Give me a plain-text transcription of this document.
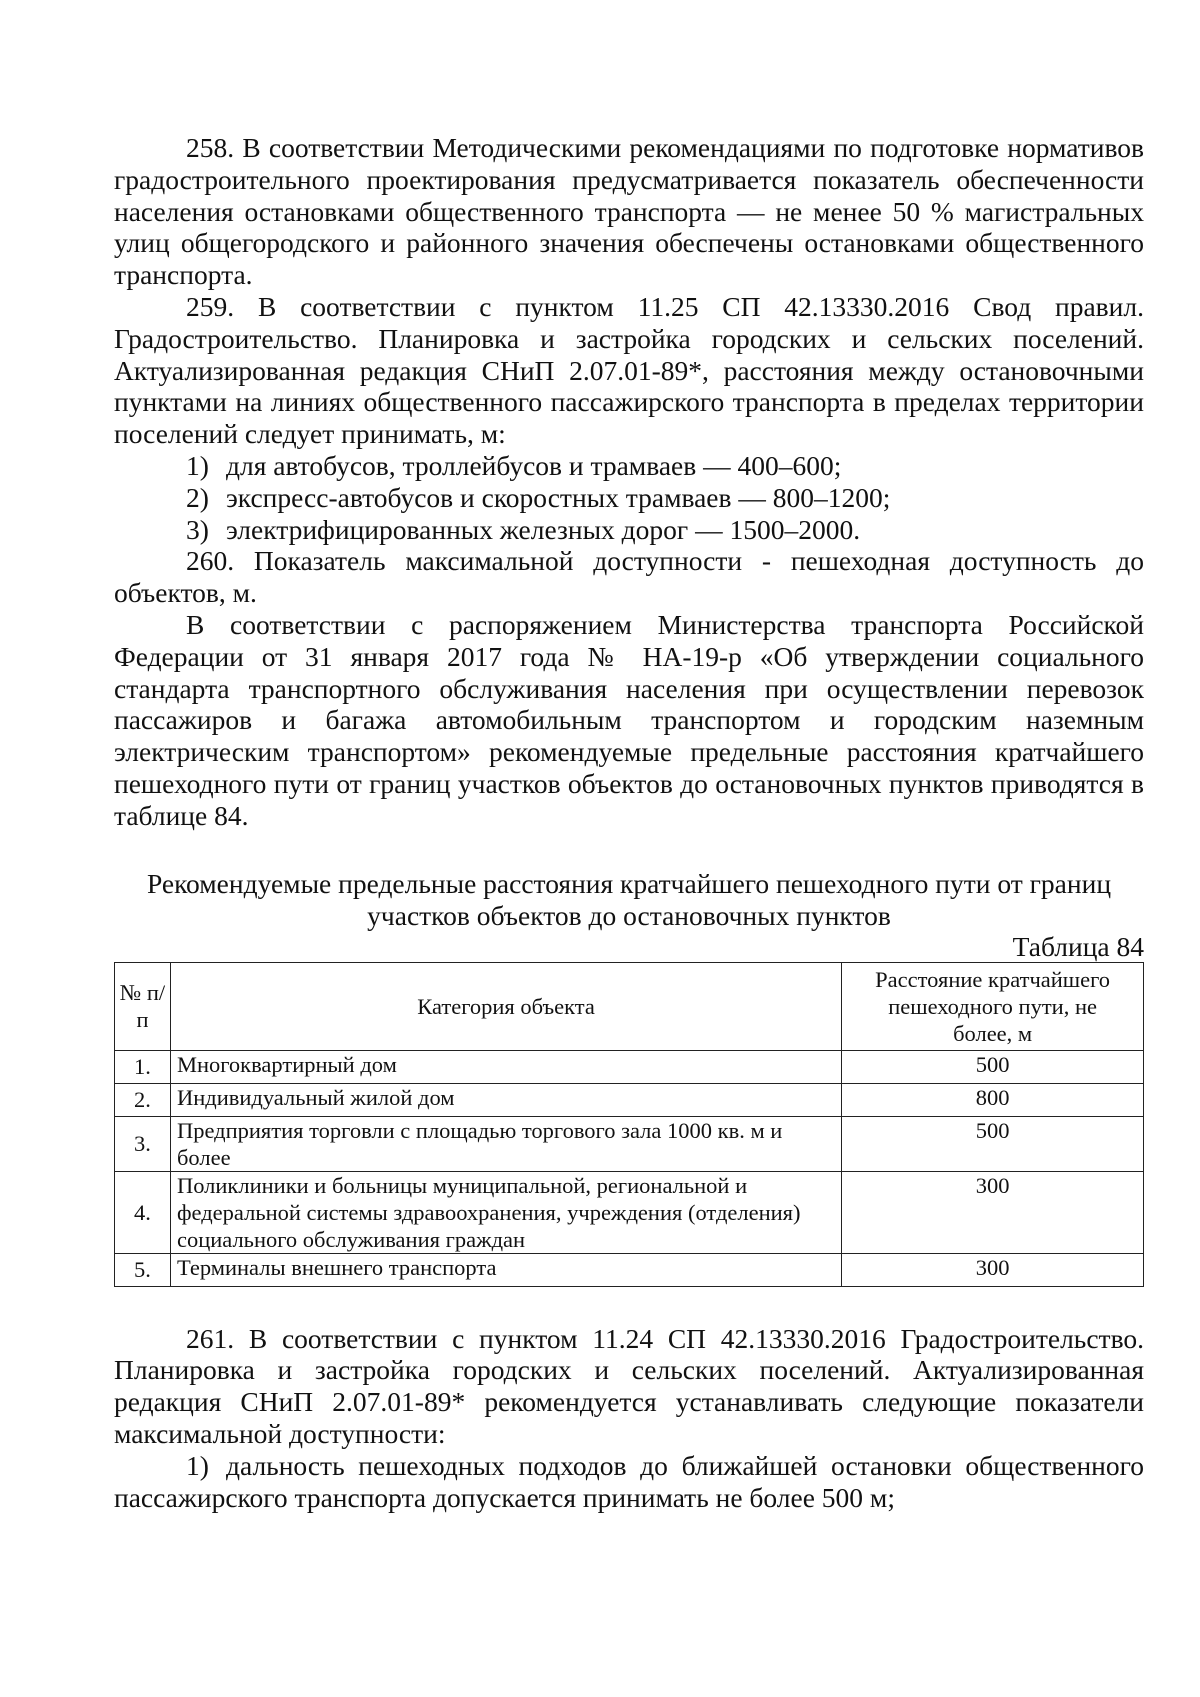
258. В соответствии Методическими рекомендациями по подготовке нормативов градостроительного проектирования предусматривается показатель обеспеченности населения остановками общественного транспорта — не менее 50 % магистральных улиц общегородского и районного значения обеспечены остановками общественного транспорта.

259. В соответствии с пунктом 11.25 СП 42.13330.2016 Свод правил. Градостроительство. Планировка и застройка городских и сельских поселений. Актуализированная редакция СНиП 2.07.01-89*, расстояния между остановочными пунктами на линиях общественного пассажирского транспорта в пределах территории поселений следует принимать, м:

1) для автобусов, троллейбусов и трамваев — 400–600;

2) экспресс-автобусов и скоростных трамваев — 800–1200;

3) электрифицированных железных дорог — 1500–2000.

260. Показатель максимальной доступности - пешеходная доступность до объектов, м.

В соответствии с распоряжением Министерства транспорта Российской Федерации от 31 января 2017 года № НА-19-р «Об утверждении социального стандарта транспортного обслуживания населения при осуществлении перевозок пассажиров и багажа автомобильным транспортом и городским наземным электрическим транспортом» рекомендуемые предельные расстояния кратчайшего пешеходного пути от границ участков объектов до остановочных пунктов приводятся в таблице 84.

Рекомендуемые предельные расстояния кратчайшего пешеходного пути от границ

участков объектов до остановочных пунктов

Таблица 84

№ п/п	Категория объекта	Расстояние кратчайшего пешеходного пути, не более, м
1.	Многоквартирный дом	500
2.	Индивидуальный жилой дом	800
3.	Предприятия торговли с площадью торгового зала 1000 кв. м и более	500
4.	Поликлиники и больницы муниципальной, региональной и федеральной системы здравоохранения, учреждения (отделения) социального обслуживания граждан	300
5.	Терминалы внешнего транспорта	300

261. В соответствии с пунктом 11.24 СП 42.13330.2016 Градостроительство. Планировка и застройка городских и сельских поселений. Актуализированная редакция СНиП 2.07.01-89* рекомендуется устанавливать следующие показатели максимальной доступности:

1) дальность пешеходных подходов до ближайшей остановки общественного пассажирского транспорта допускается принимать не более 500 м;
